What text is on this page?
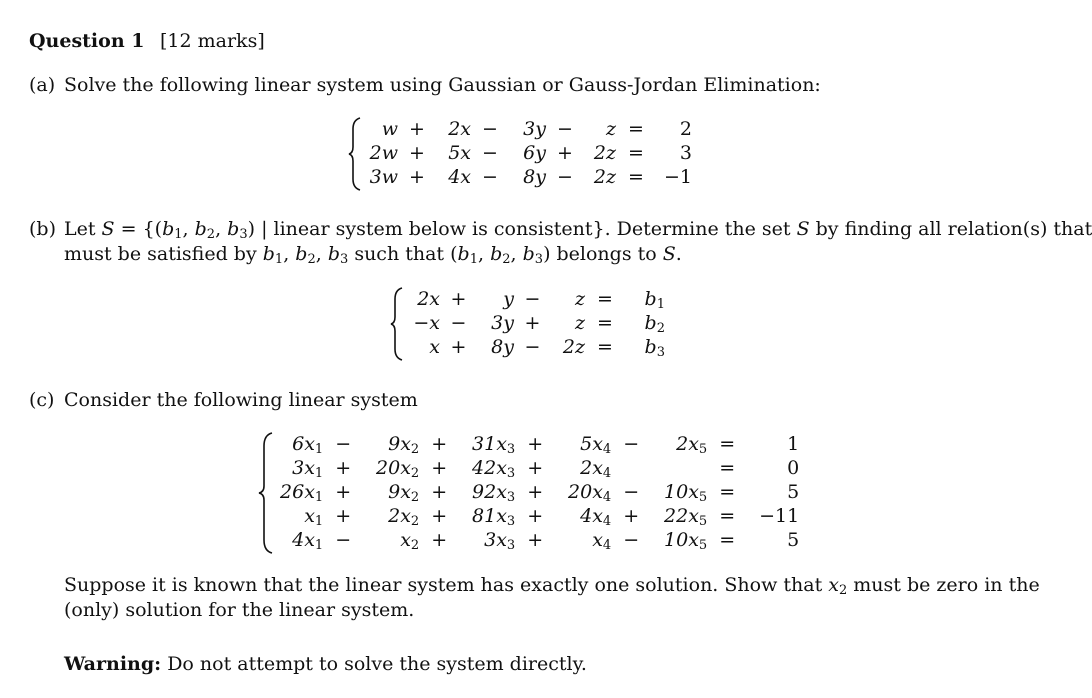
Question 1 [12 marks]
(a) Solve the following linear system using Gaussian or Gauss-Jordan Elimination:
w	+	2x	−	3y	−	z	=	2
2w	+	5x	−	6y	+	2z	=	3
3w	+	4x	−	8y	−	2z	=	−1
(b) Let $S = \{(b_1$, $b_2$, $b_3$) | linear system below is consistent}. Determine the set S by finding all relation(s) that
must be satisfied by $b_1$, $b_2$, $b_3$ such that ($b_1$, $b_2$, $b_3$) belongs to S.
2x	+	y	−	z	=	$b_1$
−x	−	3y	+	z	=	$b_2$
x	+	8y	−	2z	=	$b_3$
(c) Consider the following linear system
$6x_1$	−	$9x_2$	+	$31x_3$	+	$5x_4$	−	$2x_5$	=	1
$3x_1$	+	$20x_2$	+	$42x_3$	+	$2x_4$			=	0
$26x_1$	+	$9x_2$	+	$92x_3$	+	$20x_4$	−	$10x_5$	=	5
$x_1$	+	$2x_2$	+	$81x_3$	+	$4x_4$	+	$22x_5$	=	−11
$4x_1$	−	$x_2$	+	$3x_3$	+	$x_4$	−	$10x_5$	=	5
Suppose it is known that the linear system has exactly one solution. Show that $x_2$ must be zero in the
(only) solution for the linear system.
Warning: Do not attempt to solve the system directly.
